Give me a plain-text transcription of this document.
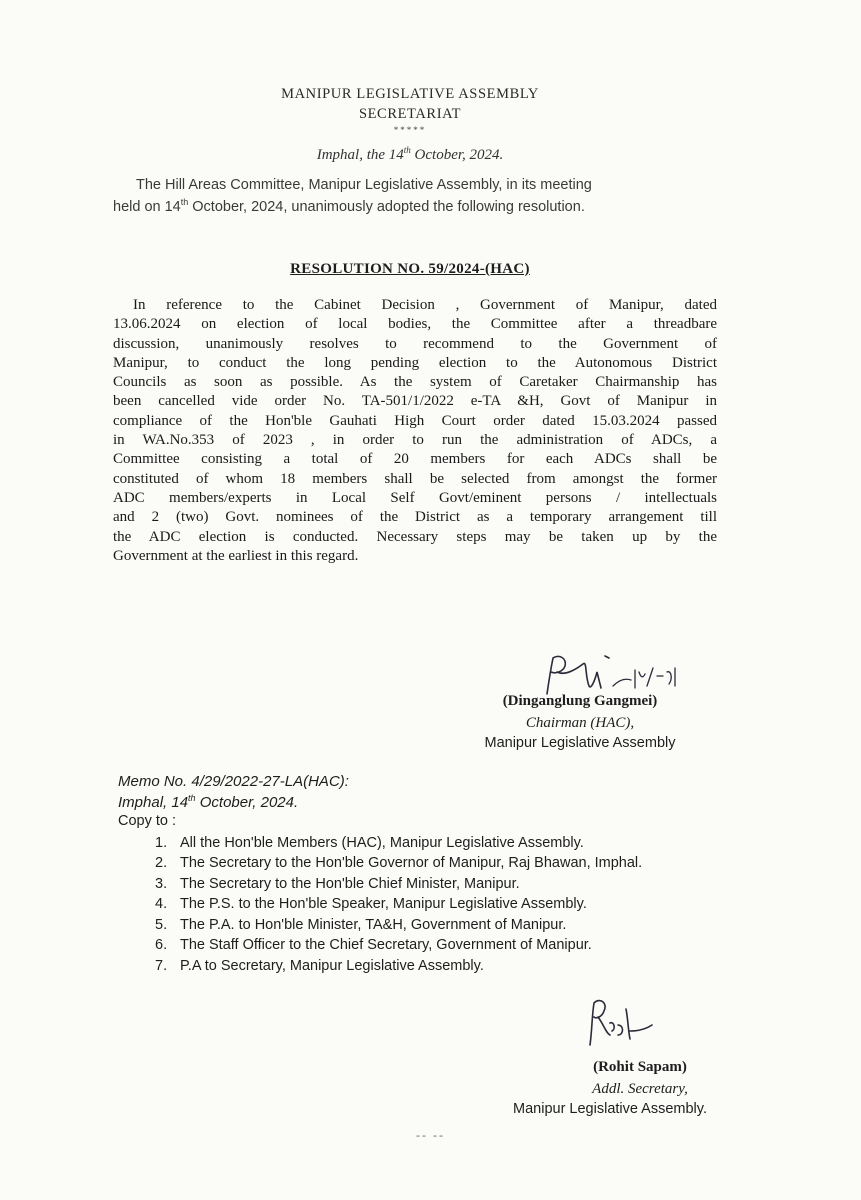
MANIPUR LEGISLATIVE ASSEMBLY
SECRETARIAT
*****
Imphal, the 14th October, 2024.
The Hill Areas Committee, Manipur Legislative Assembly, in its meeting
held on 14th October, 2024, unanimously adopted the following resolution.
RESOLUTION NO. 59/2024-(HAC)
In reference to the Cabinet Decision , Government of Manipur, dated
13.06.2024 on election of local bodies, the Committee after a threadbare
discussion, unanimously resolves to recommend to the Government of
Manipur, to conduct the long pending election to the Autonomous District
Councils as soon as possible. As the system of Caretaker Chairmanship has
been cancelled vide order No. TA-501/1/2022 e-TA &H, Govt of Manipur in
compliance of the Hon'ble Gauhati High Court order dated 15.03.2024 passed
in WA.No.353 of 2023 , in order to run the administration of ADCs, a
Committee consisting a total of 20 members for each ADCs shall be
constituted of whom 18 members shall be selected from amongst the former
ADC members/experts in Local Self Govt/eminent persons / intellectuals
and 2 (two) Govt. nominees of the District as a temporary arrangement till
the ADC election is conducted. Necessary steps may be taken up by the
Government at the earliest in this regard.
(Dinganglung Gangmei)
Chairman (HAC),
Manipur Legislative Assembly
Memo No. 4/29/2022-27-LA(HAC):
Imphal, 14th October, 2024.
Copy to :
1. All the Hon'ble Members (HAC), Manipur Legislative Assembly.
2. The Secretary to the Hon'ble Governor of Manipur, Raj Bhawan, Imphal.
3. The Secretary to the Hon'ble Chief Minister, Manipur.
4. The P.S. to the Hon'ble Speaker, Manipur Legislative Assembly.
5. The P.A. to Hon'ble Minister, TA&H, Government of Manipur.
6. The Staff Officer to the Chief Secretary, Government of Manipur.
7. P.A to Secretary, Manipur Legislative Assembly.
(Rohit Sapam)
Addl. Secretary,
Manipur Legislative Assembly.
-- --
